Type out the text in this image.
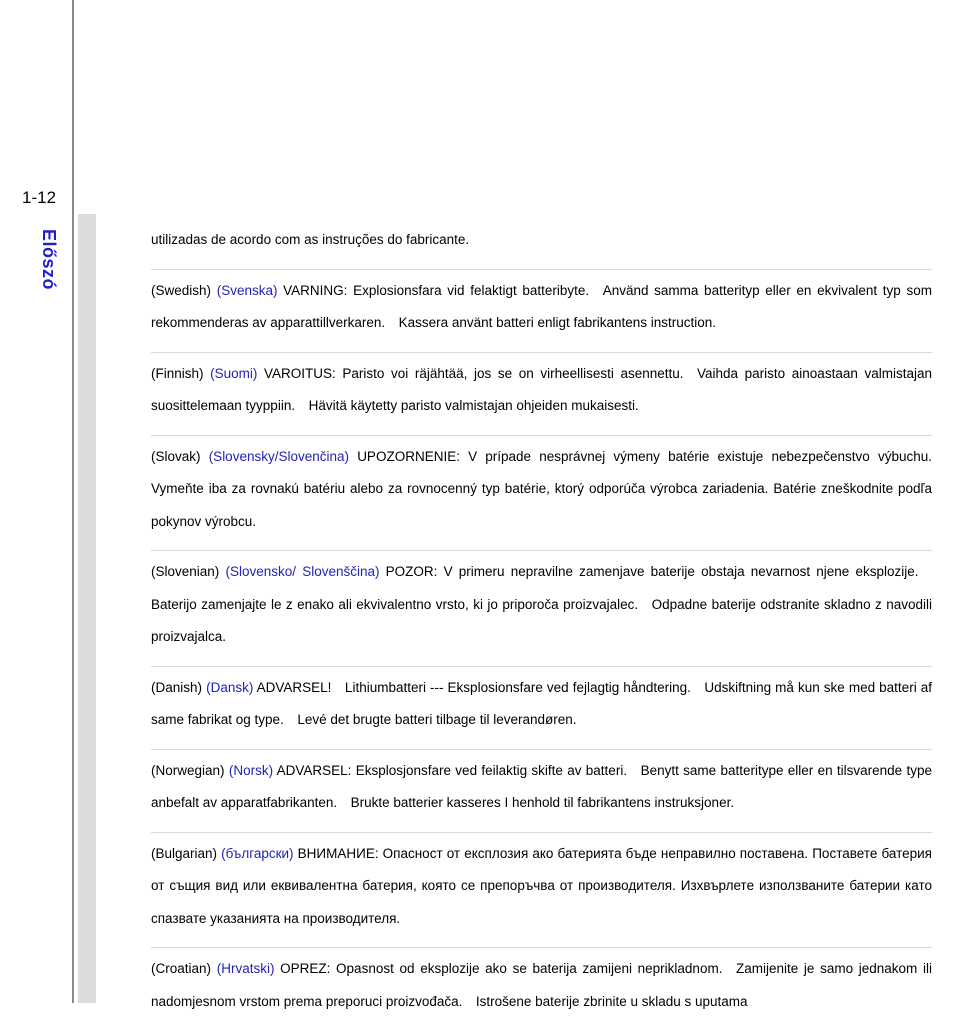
1-12
Előszó	utilizadas de acordo com as instruções do fabricante.

(Swedish) (Svenska) VARNING: Explosionsfara vid felaktigt batteribyte. Använd samma batterityp eller en ekvivalent typ som rekommenderas av apparattillverkaren. Kassera använt batteri enligt fabrikantens instruction.

(Finnish) (Suomi) VAROITUS: Paristo voi räjähtää, jos se on virheellisesti asennettu. Vaihda paristo ainoastaan valmistajan suosittelemaan tyyppiin. Hävitä käytetty paristo valmistajan ohjeiden mukaisesti.

(Slovak) (Slovensky/Slovenčina) UPOZORNENIE: V prípade nesprávnej výmeny batérie existuje nebezpečenstvo výbuchu. Vymeňte iba za rovnakú batériu alebo za rovnocenný typ batérie, ktorý odporúča výrobca zariadenia. Batérie zneškodnite podľa pokynov výrobcu.

(Slovenian) (Slovensko/ Slovenščina) POZOR: V primeru nepravilne zamenjave baterije obstaja nevarnost njene eksplozije. Baterijo zamenjajte le z enako ali ekvivalentno vrsto, ki jo priporoča proizvajalec. Odpadne baterije odstranite skladno z navodili proizvajalca.

(Danish) (Dansk) ADVARSEL! Lithiumbatteri --- Eksplosionsfare ved fejlagtig håndtering. Udskiftning må kun ske med batteri af same fabrikat og type. Levé det brugte batteri tilbage til leverandøren.

(Norwegian) (Norsk) ADVARSEL: Eksplosjonsfare ved feilaktig skifte av batteri. Benytt same batteritype eller en tilsvarende type anbefalt av apparatfabrikanten. Brukte batterier kasseres I henhold til fabrikantens instruksjoner.

(Bulgarian) (български) ВНИМАНИЕ: Опасност от експлозия ако батерията бъде неправилно поставена. Поставете батерия от същия вид или еквивалентна батерия, която се препоръчва от производителя. Изхвърлете използваните батерии като спазвате указанията на производителя.

(Croatian) (Hrvatski) OPREZ: Opasnost od eksplozije ako se baterija zamijeni neprikladnom. Zamijenite je samo jednakom ili nadomjesnom vrstom prema preporuci proizvođača. Istrošene baterije zbrinite u skladu s uputama
